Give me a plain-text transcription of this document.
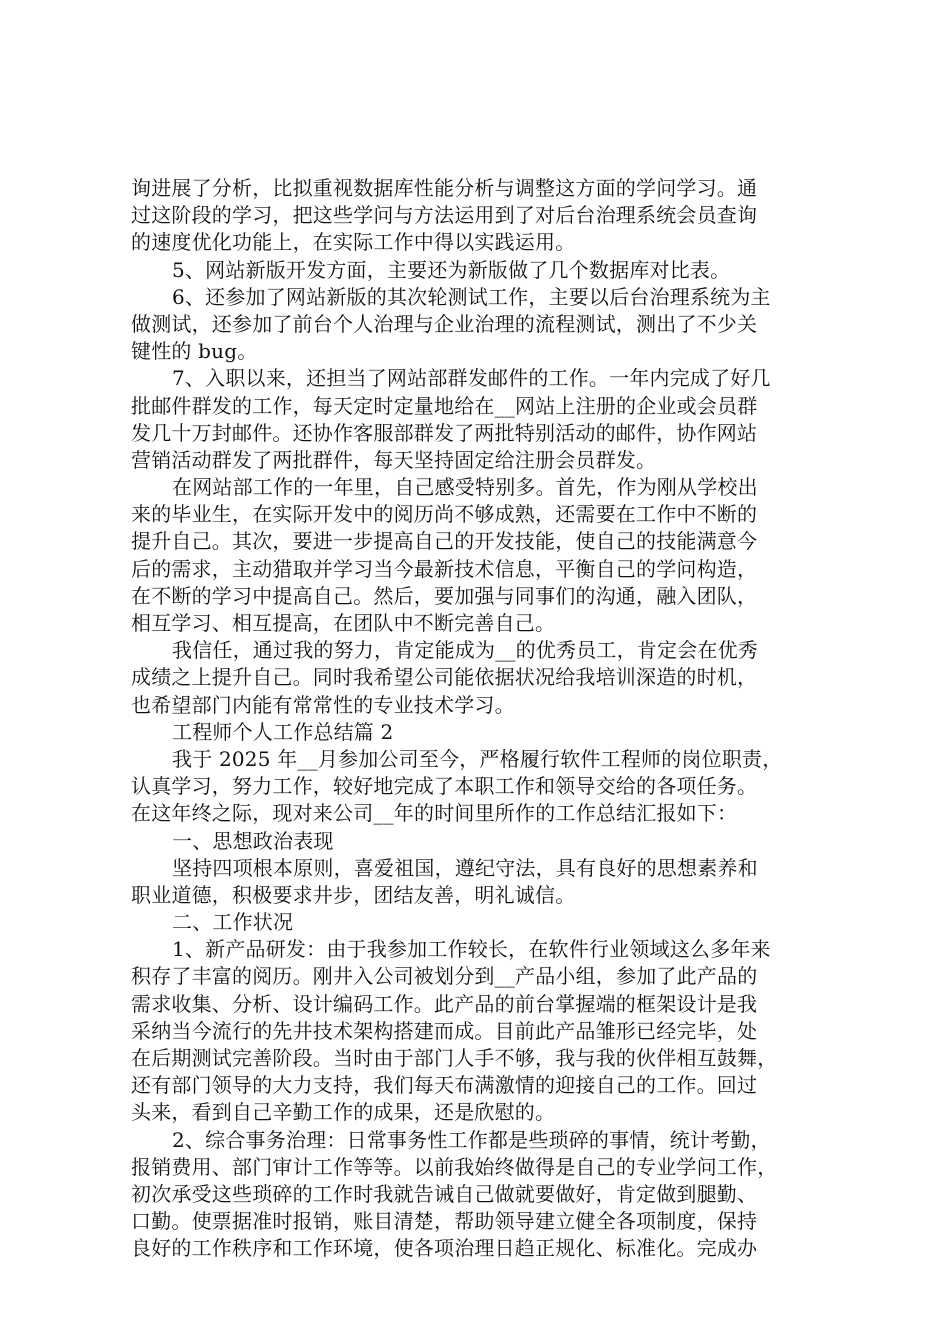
询进展了分析，比拟重视数据库性能分析与调整这方面的学问学习。通
过这阶段的学习，把这些学问与方法运用到了对后台治理系统会员查询
的速度优化功能上，在实际工作中得以实践运用。
5、网站新版开发方面，主要还为新版做了几个数据库对比表。
6、还参加了网站新版的其次轮测试工作，主要以后台治理系统为主
做测试，还参加了前台个人治理与企业治理的流程测试，测出了不少关
键性的 bug。
7、入职以来，还担当了网站部群发邮件的工作。一年内完成了好几
批邮件群发的工作，每天定时定量地给在__网站上注册的企业或会员群
发几十万封邮件。还协作客服部群发了两批特别活动的邮件，协作网站
营销活动群发了两批群件，每天坚持固定给注册会员群发。
在网站部工作的一年里，自己感受特别多。首先，作为刚从学校出
来的毕业生，在实际开发中的阅历尚不够成熟，还需要在工作中不断的
提升自己。其次，要进一步提高自己的开发技能，使自己的技能满意今
后的需求，主动猎取并学习当今最新技术信息，平衡自己的学问构造，
在不断的学习中提高自己。然后，要加强与同事们的沟通，融入团队，
相互学习、相互提高，在团队中不断完善自己。
我信任，通过我的努力，肯定能成为__的优秀员工，肯定会在优秀
成绩之上提升自己。同时我希望公司能依据状况给我培训深造的时机，
也希望部门内能有常常性的专业技术学习。
工程师个人工作总结篇 2
我于 2025 年__月参加公司至今，严格履行软件工程师的岗位职责，
认真学习，努力工作，较好地完成了本职工作和领导交给的各项任务。
在这年终之际，现对来公司__年的时间里所作的工作总结汇报如下：
一、思想政治表现
坚持四项根本原则，喜爱祖国，遵纪守法，具有良好的思想素养和
职业道德，积极要求井步，团结友善，明礼诚信。
二、工作状况
1、新产品研发：由于我参加工作较长，在软件行业领域这么多年来
积存了丰富的阅历。刚井入公司被划分到__产品小组，参加了此产品的
需求收集、分析、设计编码工作。此产品的前台掌握端的框架设计是我
采纳当今流行的先井技术架构搭建而成。目前此产品雏形已经完毕，处
在后期测试完善阶段。当时由于部门人手不够，我与我的伙伴相互鼓舞，
还有部门领导的大力支持，我们每天布满激情的迎接自己的工作。回过
头来，看到自己辛勤工作的成果，还是欣慰的。
2、综合事务治理：日常事务性工作都是些琐碎的事情，统计考勤，
报销费用、部门审计工作等等。以前我始终做得是自己的专业学问工作，
初次承受这些琐碎的工作时我就告诫自己做就要做好，肯定做到腿勤、
口勤。使票据准时报销，账目清楚，帮助领导建立健全各项制度，保持
良好的工作秩序和工作环境，使各项治理日趋正规化、标准化。完成办
